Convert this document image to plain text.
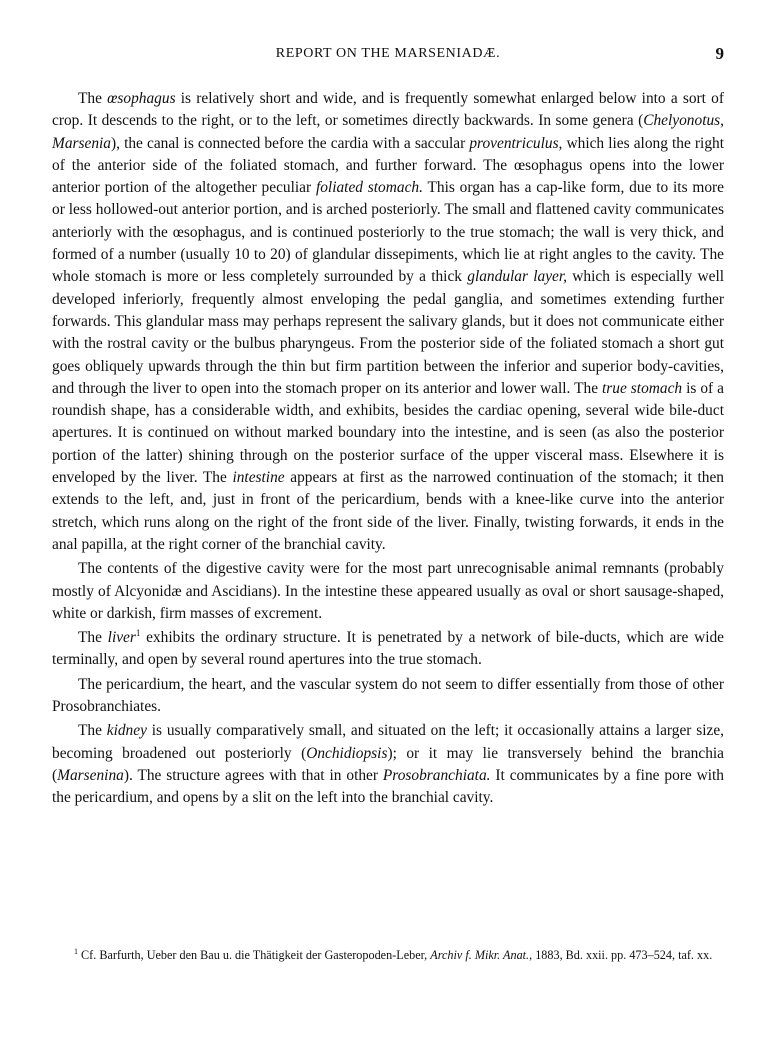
REPORT ON THE MARSENIADÆ.	9

The œsophagus is relatively short and wide, and is frequently somewhat enlarged below into a sort of crop. It descends to the right, or to the left, or sometimes directly backwards. In some genera (Chelyonotus, Marsenia), the canal is connected before the cardia with a saccular proventriculus, which lies along the right of the anterior side of the foliated stomach, and further forward. The œsophagus opens into the lower anterior portion of the altogether peculiar foliated stomach. This organ has a cap-like form, due to its more or less hollowed-out anterior portion, and is arched posteriorly. The small and flattened cavity communicates anteriorly with the œsophagus, and is continued posteriorly to the true stomach; the wall is very thick, and formed of a number (usually 10 to 20) of glandular dissepiments, which lie at right angles to the cavity. The whole stomach is more or less completely surrounded by a thick glandular layer, which is especially well developed inferiorly, frequently almost enveloping the pedal ganglia, and sometimes extending further forwards. This glandular mass may perhaps represent the salivary glands, but it does not communicate either with the rostral cavity or the bulbus pharyngeus. From the posterior side of the foliated stomach a short gut goes obliquely upwards through the thin but firm partition between the inferior and superior body-cavities, and through the liver to open into the stomach proper on its anterior and lower wall. The true stomach is of a roundish shape, has a considerable width, and exhibits, besides the cardiac opening, several wide bile-duct apertures. It is continued on without marked boundary into the intestine, and is seen (as also the posterior portion of the latter) shining through on the posterior surface of the upper visceral mass. Elsewhere it is enveloped by the liver. The intestine appears at first as the narrowed continuation of the stomach; it then extends to the left, and, just in front of the pericardium, bends with a knee-like curve into the anterior stretch, which runs along on the right of the front side of the liver. Finally, twisting forwards, it ends in the anal papilla, at the right corner of the branchial cavity.

The contents of the digestive cavity were for the most part unrecognisable animal remnants (probably mostly of Alcyonidæ and Ascidians). In the intestine these appeared usually as oval or short sausage-shaped, white or darkish, firm masses of excrement.

The liver$^1$ exhibits the ordinary structure. It is penetrated by a network of bile-ducts, which are wide terminally, and open by several round apertures into the true stomach.

The pericardium, the heart, and the vascular system do not seem to differ essentially from those of other Prosobranchiates.

The kidney is usually comparatively small, and situated on the left; it occasionally attains a larger size, becoming broadened out posteriorly (Onchidiopsis); or it may lie transversely behind the branchia (Marsenina). The structure agrees with that in other Prosobranchiata. It communicates by a fine pore with the pericardium, and opens by a slit on the left into the branchial cavity.

$^1$ Cf. Barfurth, Ueber den Bau u. die Thätigkeit der Gasteropoden-Leber, Archiv f. Mikr. Anat., 1883, Bd. xxii. pp. 473–524, taf. xx.
